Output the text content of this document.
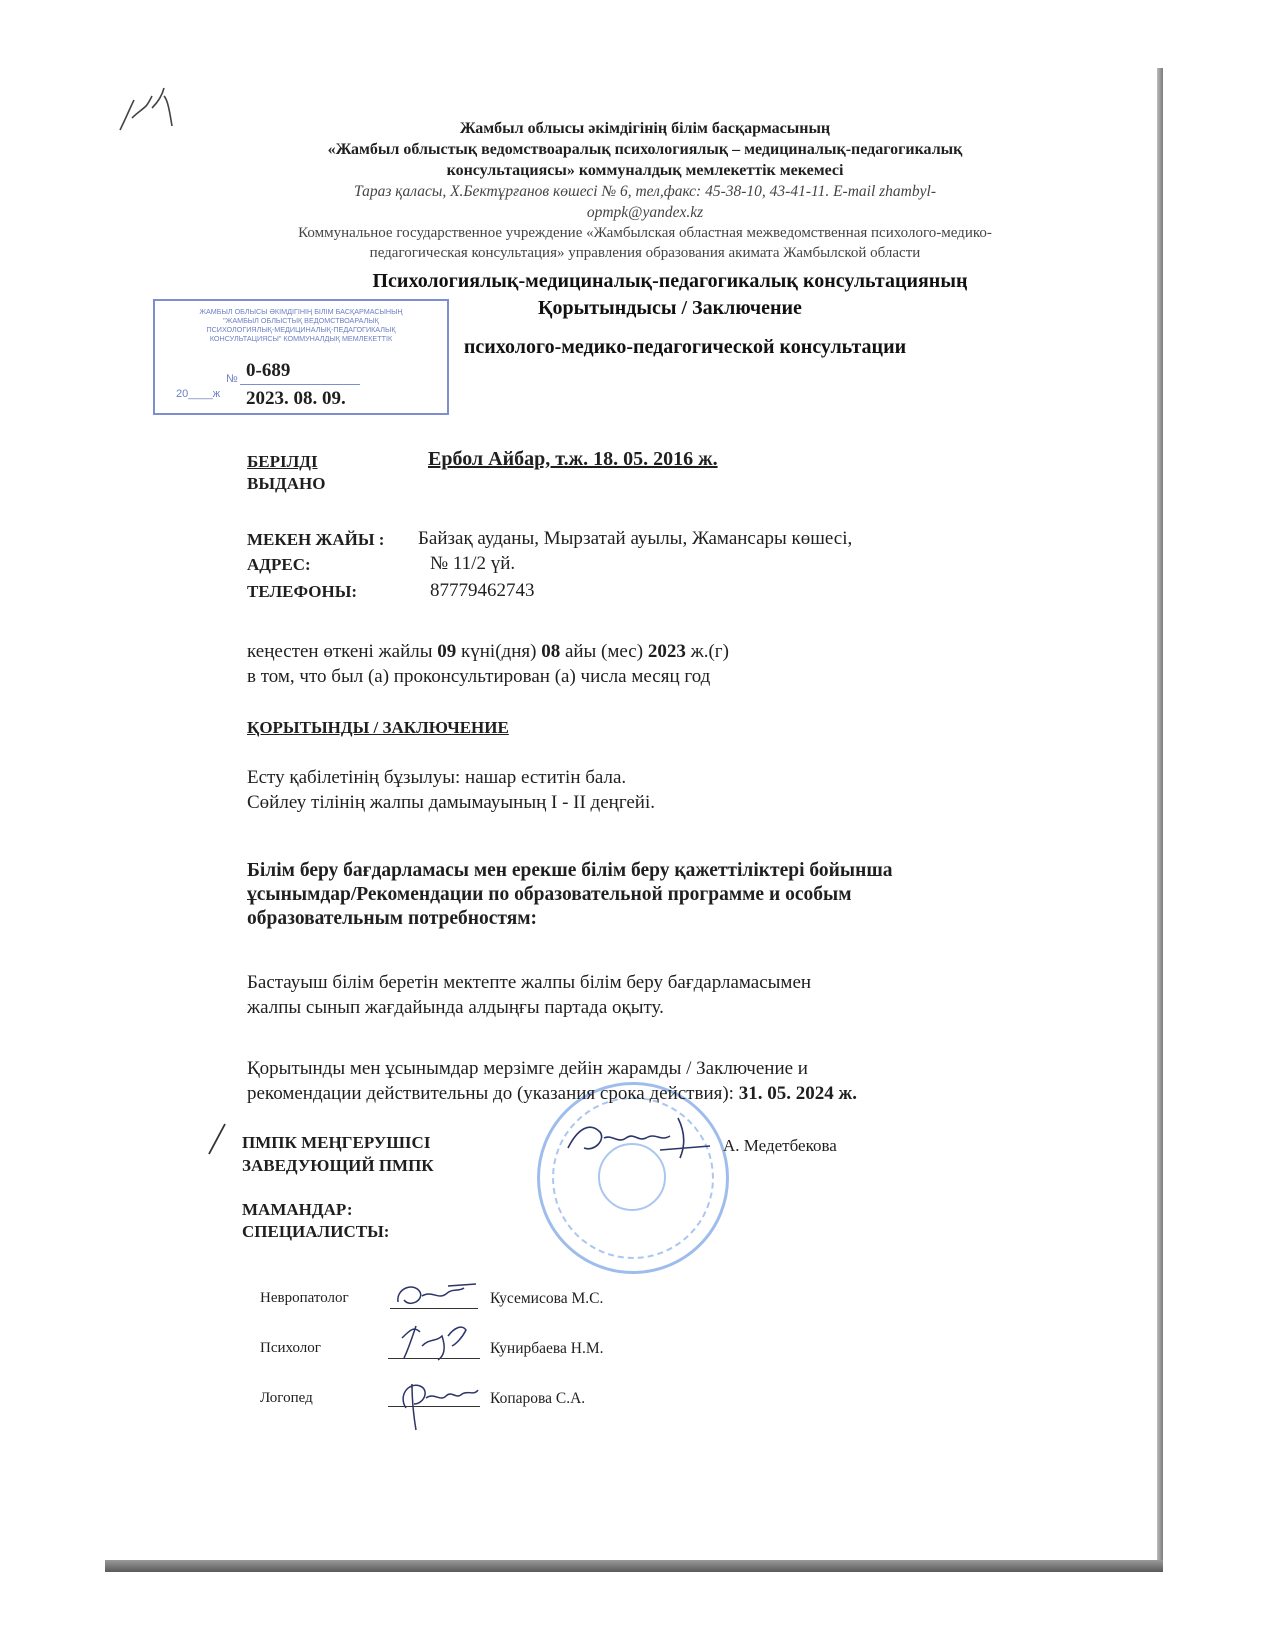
Жамбыл облысы әкімдігінің білім басқармасының
«Жамбыл облыстық ведомствоаралық психологиялық – медициналық-педагогикалық
консультациясы» коммуналдық мемлекеттік мекемесі
Тараз қаласы, Х.Бектұрғанов көшесі № 6, тел,факс: 45-38-10, 43-41-11. E-mail zhambyl-
opmpk@yandex.kz
Коммунальное государственное учреждение «Жамбылская областная межведомственная психолого-медико-
педагогическая консультация» управления образования акимата Жамбылской области
Психологиялық-медициналық-педагогикалық консультацияның
Қорытындысы / Заключение
ЖАМБЫЛ ОБЛЫСЫ ӘКІМДІГІНІҢ БІЛІМ БАСҚАРМАСЫНЫҢ
"ЖАМБЫЛ ОБЛЫСТЫҚ ВЕДОМСТВОАРАЛЫҚ
ПСИХОЛОГИЯЛЫҚ-МЕДИЦИНАЛЫҚ-ПЕДАГОГИКАЛЫҚ
КОНСУЛЬТАЦИЯСЫ" КОММУНАЛДЫҚ МЕМЛЕКЕТТІК
№ 0-689
20____ж 2023. 08. 09.
психолого-медико-педагогической консультации
БЕРІЛДІ	Ербол Айбар, т.ж. 18. 05. 2016 ж.
ВЫДАНО
МЕКЕН ЖАЙЫ : Байзақ ауданы, Мырзатай ауылы, Жамансары көшесі,
АДРЕС:	№ 11/2 үй.
ТЕЛЕФОНЫ:	87779462743
кеңестен өткені жайлы 09 күні(дня) 08 айы (мес) 2023 ж.(г)
в том, что был (а) проконсультирован (а) числа месяц год
ҚОРЫТЫНДЫ / ЗАКЛЮЧЕНИЕ
Есту қабілетінің бұзылуы: нашар еститін бала.
Сөйлеу тілінің жалпы дамымауының І - ІІ деңгейі.
Білім беру бағдарламасы мен ерекше білім беру қажеттіліктері бойынша
ұсынымдар/Рекомендации по образовательной программе и особым
образовательным потребностям:
Бастауыш білім беретін мектепте жалпы білім беру бағдарламасымен
жалпы сынып жағдайында алдыңғы партада оқыту.
Қорытынды мен ұсынымдар мерзімге дейін жарамды / Заключение и
рекомендации действительны до (указания срока действия): 31. 05. 2024 ж.
ПМПК МЕҢГЕРУШІСІ
ЗАВЕДУЮЩИЙ ПМПК
А. Медетбекова
МАМАНДАР:
СПЕЦИАЛИСТЫ:
Невропатолог	Кусемисова М.С.
Психолог	Кунирбаева Н.М.
Логопед	Копарова С.А.
